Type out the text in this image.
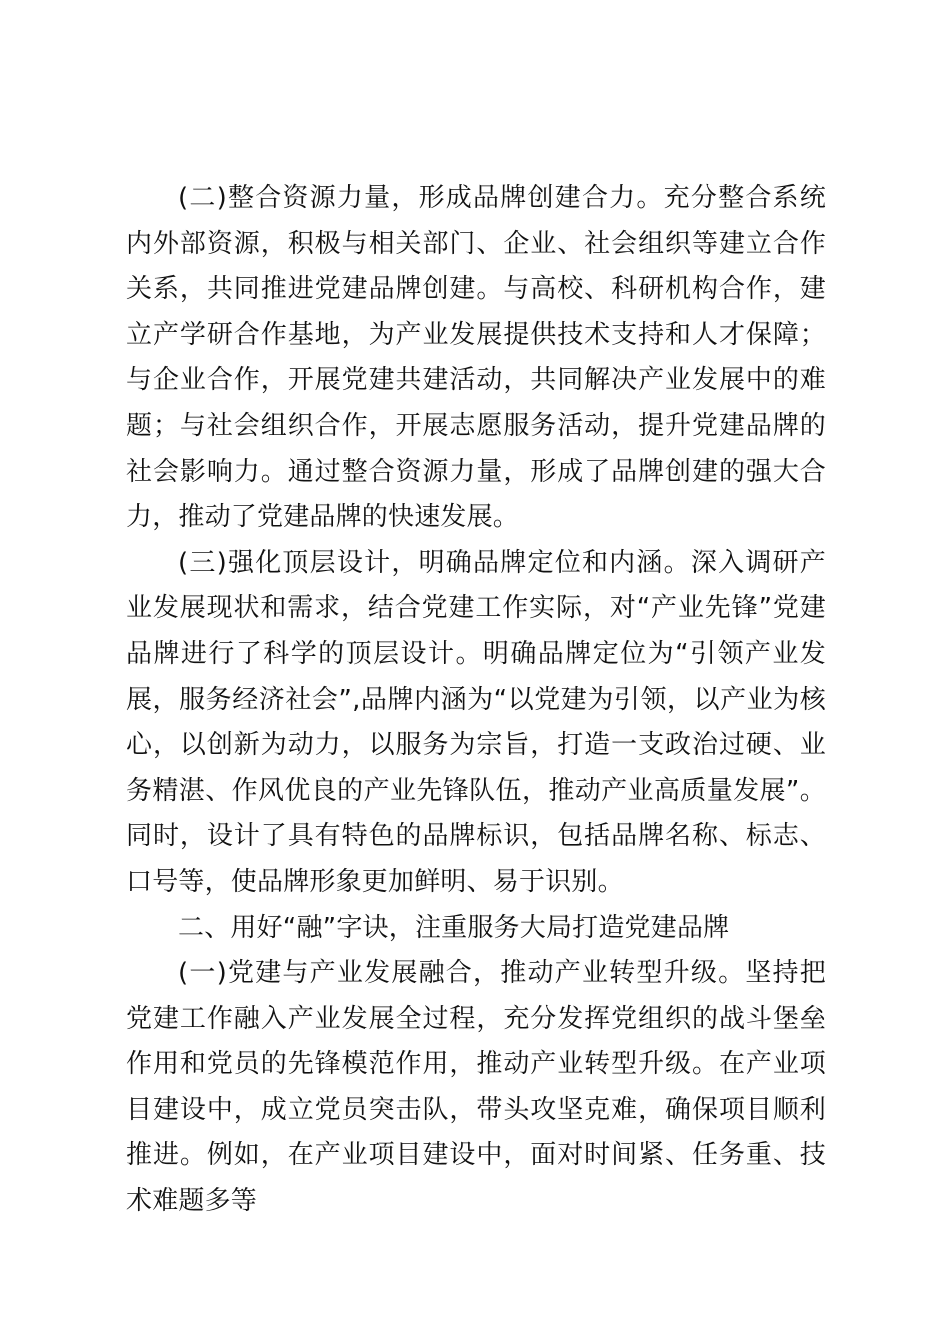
(二)整合资源力量，形成品牌创建合力。充分整合系统内外部资源，积极与相关部门、企业、社会组织等建立合作关系，共同推进党建品牌创建。与高校、科研机构合作，建立产学研合作基地，为产业发展提供技术支持和人才保障；与企业合作，开展党建共建活动，共同解决产业发展中的难题；与社会组织合作，开展志愿服务活动，提升党建品牌的社会影响力。通过整合资源力量，形成了品牌创建的强大合力，推动了党建品牌的快速发展。

(三)强化顶层设计，明确品牌定位和内涵。深入调研产业发展现状和需求，结合党建工作实际，对“产业先锋”党建品牌进行了科学的顶层设计。明确品牌定位为“引领产业发展，服务经济社会”,品牌内涵为“以党建为引领，以产业为核心，以创新为动力，以服务为宗旨，打造一支政治过硬、业务精湛、作风优良的产业先锋队伍，推动产业高质量发展”。同时，设计了具有特色的品牌标识，包括品牌名称、标志、口号等，使品牌形象更加鲜明、易于识别。

二、用好“融”字诀，注重服务大局打造党建品牌

(一)党建与产业发展融合，推动产业转型升级。坚持把党建工作融入产业发展全过程，充分发挥党组织的战斗堡垒作用和党员的先锋模范作用，推动产业转型升级。在产业项目建设中，成立党员突击队，带头攻坚克难，确保项目顺利推进。例如，在产业项目建设中，面对时间紧、任务重、技术难题多等
